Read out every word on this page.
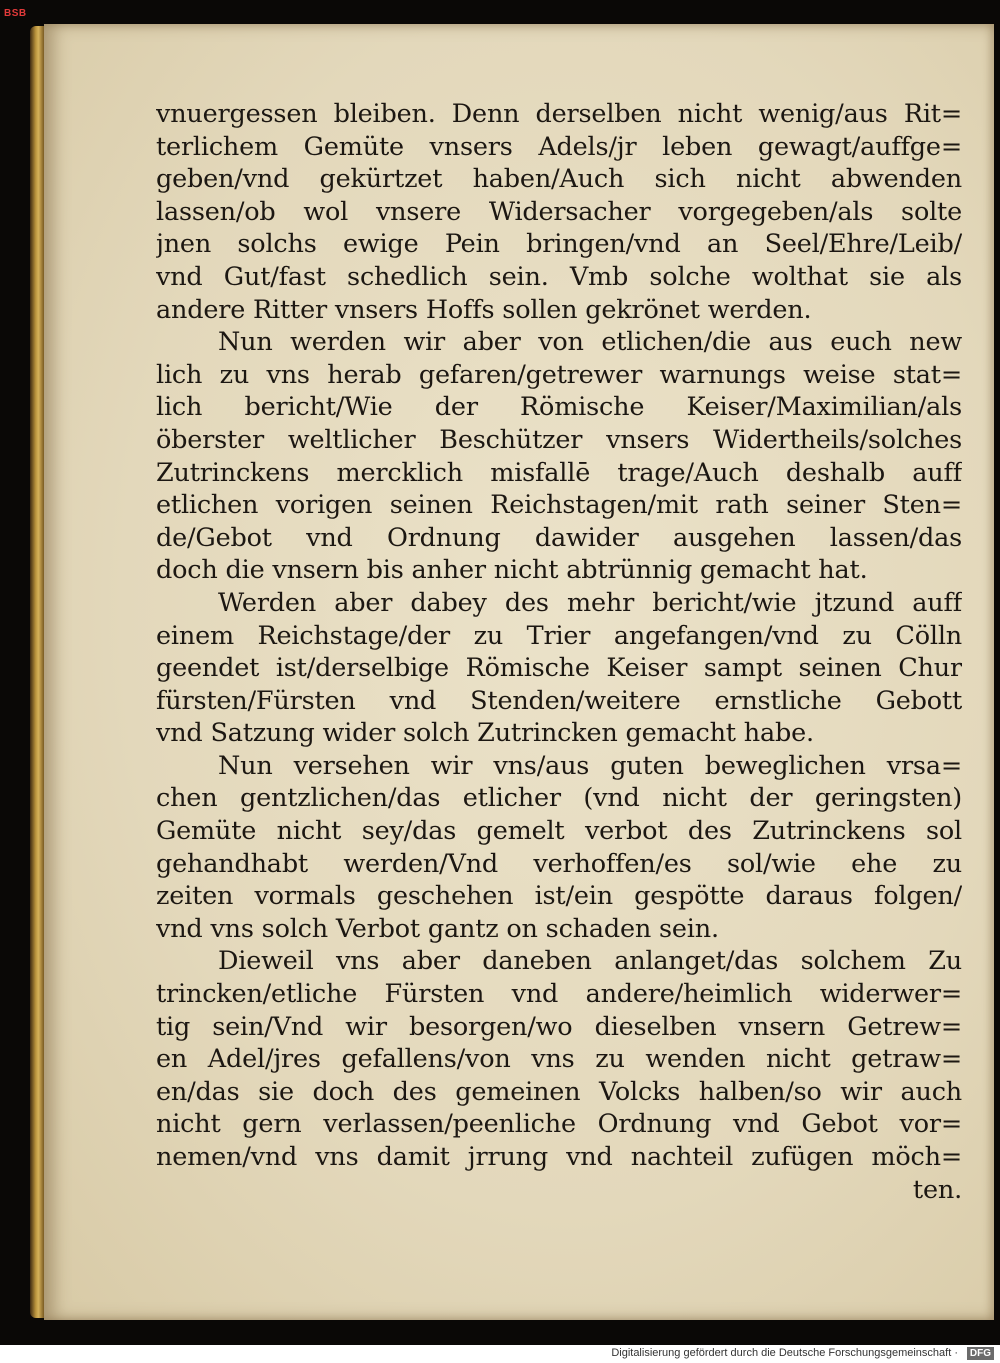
BSB
vnuergessen bleiben. Denn derselben nicht wenig/aus Rit=
terlichem Gemüte vnsers Adels/jr leben gewagt/auffge=
geben/vnd gekürtzet haben/Auch sich nicht abwenden
lassen/ob wol vnsere Widersacher vorgegeben/als solte
jnen solchs ewige Pein bringen/vnd an Seel/Ehre/Leib/
vnd Gut/fast schedlich sein. Vmb solche wolthat sie als
andere Ritter vnsers Hoffs sollen gekrönet werden.
Nun werden wir aber von etlichen/die aus euch new
lich zu vns herab gefaren/getrewer warnungs weise stat=
lich bericht/Wie der Römische Keiser/Maximilian/als
öberster weltlicher Beschützer vnsers Widertheils/solches
Zutrinckens mercklich misfallē trage/Auch deshalb auff
etlichen vorigen seinen Reichstagen/mit rath seiner Sten=
de/Gebot vnd Ordnung dawider ausgehen lassen/das
doch die vnsern bis anher nicht abtrünnig gemacht hat.
Werden aber dabey des mehr bericht/wie jtzund auff
einem Reichstage/der zu Trier angefangen/vnd zu Cölln
geendet ist/derselbige Römische Keiser sampt seinen Chur
fürsten/Fürsten vnd Stenden/weitere ernstliche Gebott
vnd Satzung wider solch Zutrincken gemacht habe.
Nun versehen wir vns/aus guten beweglichen vrsa=
chen gentzlichen/das etlicher (vnd nicht der geringsten)
Gemüte nicht sey/das gemelt verbot des Zutrinckens sol
gehandhabt werden/Vnd verhoffen/es sol/wie ehe zu
zeiten vormals geschehen ist/ein gespötte daraus folgen/
vnd vns solch Verbot gantz on schaden sein.
Dieweil vns aber daneben anlanget/das solchem Zu
trincken/etliche Fürsten vnd andere/heimlich widerwer=
tig sein/Vnd wir besorgen/wo dieselben vnsern Getrew=
en Adel/jres gefallens/von vns zu wenden nicht getraw=
en/das sie doch des gemeinen Volcks halben/so wir auch
nicht gern verlassen/peenliche Ordnung vnd Gebot vor=
nemen/vnd vns damit jrrung vnd nachteil zufügen möch=
ten.
Digitalisierung gefördert durch die Deutsche Forschungsgemeinschaft ·	DFG
